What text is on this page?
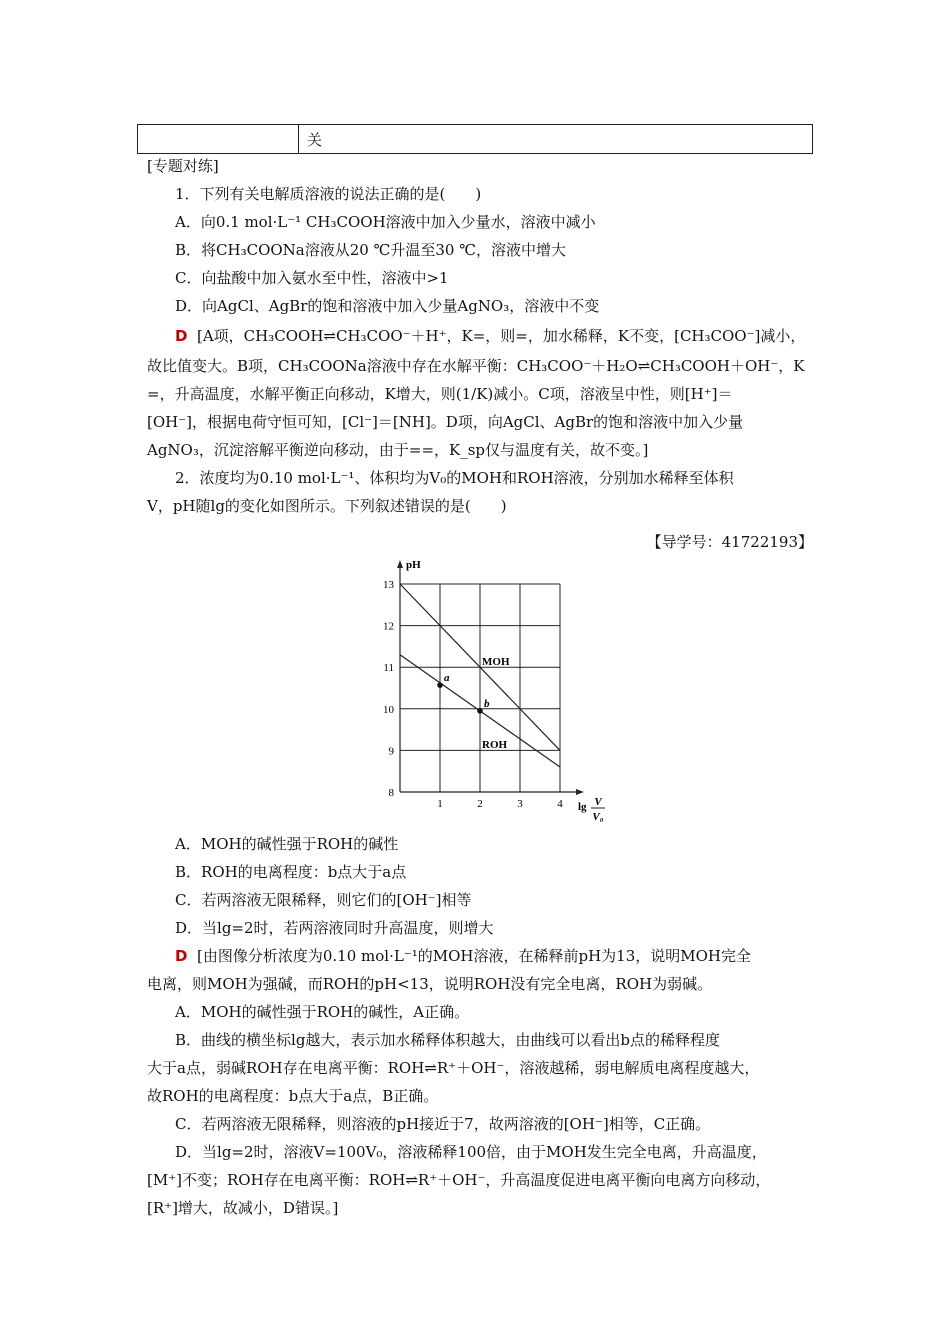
关
[专题对练]
1．下列有关电解质溶液的说法正确的是(　　)
A．向0.1 mol·L⁻¹ CH₃COOH溶液中加入少量水，溶液中减小
B．将CH₃COONa溶液从20 ℃升温至30 ℃，溶液中增大
C．向盐酸中加入氨水至中性，溶液中>1
D．向AgCl、AgBr的饱和溶液中加入少量AgNO₃，溶液中不变
D [A项，CH₃COOH⇌CH₃COO⁻＋H⁺，K=，则=，加水稀释，K不变，[CH₃COO⁻]减小，
故比值变大。B项，CH₃COONa溶液中存在水解平衡：CH₃COO⁻＋H₂O⇌CH₃COOH＋OH⁻，K
=，升高温度，水解平衡正向移动，K增大，则(1/K)减小。C项，溶液呈中性，则[H⁺]＝
[OH⁻]，根据电荷守恒可知，[Cl⁻]＝[NH]。D项，向AgCl、AgBr的饱和溶液中加入少量
AgNO₃，沉淀溶解平衡逆向移动，由于==，K_sp仅与温度有关，故不变。]
2．浓度均为0.10 mol·L⁻¹、体积均为V₀的MOH和ROH溶液，分别加水稀释至体积
V，pH随lg的变化如图所示。下列叙述错误的是(　　)
【导学号：41722193】
8
9
10
11
12
13
1	2	3	4
a
b
pH
MOH
ROH
lg V
V₀
A．MOH的碱性强于ROH的碱性
B．ROH的电离程度：b点大于a点
C．若两溶液无限稀释，则它们的[OH⁻]相等
D．当lg=2时，若两溶液同时升高温度，则增大
D [由图像分析浓度为0.10 mol·L⁻¹的MOH溶液，在稀释前pH为13，说明MOH完全
电离，则MOH为强碱，而ROH的pH<13，说明ROH没有完全电离，ROH为弱碱。
A．MOH的碱性强于ROH的碱性，A正确。
B．曲线的横坐标lg越大，表示加水稀释体积越大，由曲线可以看出b点的稀释程度
大于a点，弱碱ROH存在电离平衡：ROH⇌R⁺＋OH⁻，溶液越稀，弱电解质电离程度越大，
故ROH的电离程度：b点大于a点，B正确。
C．若两溶液无限稀释，则溶液的pH接近于7，故两溶液的[OH⁻]相等，C正确。
D．当lg=2时，溶液V=100V₀，溶液稀释100倍，由于MOH发生完全电离，升高温度，
[M⁺]不变；ROH存在电离平衡：ROH⇌R⁺＋OH⁻，升高温度促进电离平衡向电离方向移动，
[R⁺]增大，故减小，D错误。]
